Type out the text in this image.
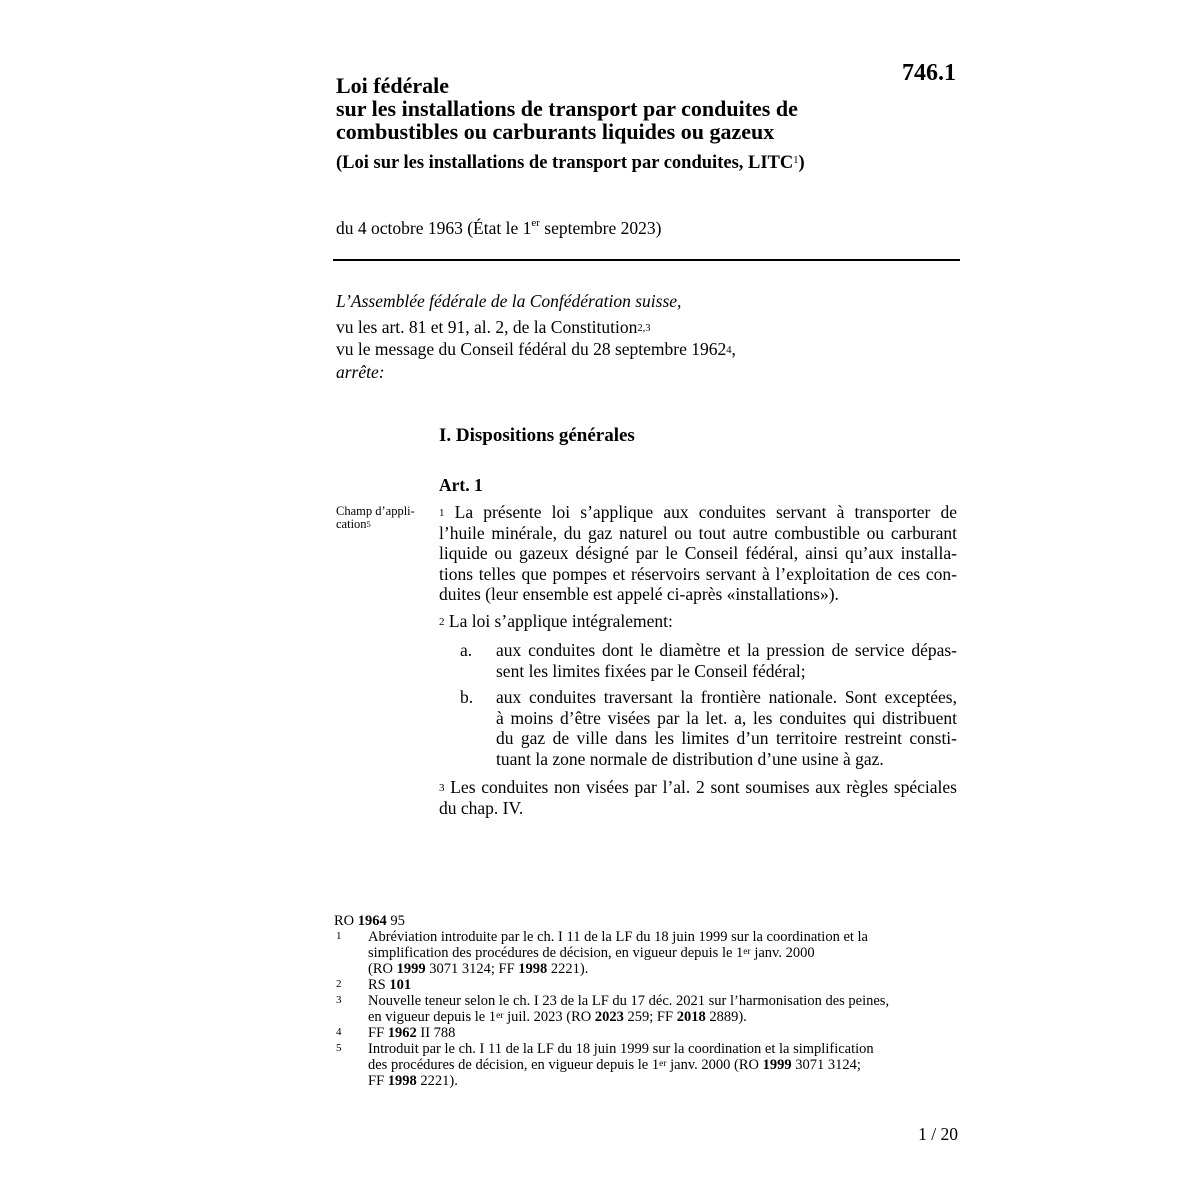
746.1
Loi fédérale
sur les installations de transport par conduites de
combustibles ou carburants liquides ou gazeux
(Loi sur les installations de transport par conduites, LITC$^1$)
du 4 octobre 1963 (État le 1er septembre 2023)
L’Assemblée fédérale de la Confédération suisse,
vu les art. 81 et 91, al. 2, de la Constitution$^{2,3}$
vu le message du Conseil fédéral du 28 septembre 1962$^4$,
arrête:
I. Dispositions générales
Art. 1
Champ d’appli-
cation$^5$
$^1$ La présente loi s’applique aux conduites servant à transporter de
l’huile minérale, du gaz naturel ou tout autre combustible ou carburant
liquide ou gazeux désigné par le Conseil fédéral, ainsi qu’aux installa-
tions telles que pompes et réservoirs servant à l’exploitation de ces con-
duites (leur ensemble est appelé ci-après «installations»).
$^2$ La loi s’applique intégralement:
a. aux conduites dont le diamètre et la pression de service dépas-
sent les limites fixées par le Conseil fédéral;
b. aux conduites traversant la frontière nationale. Sont exceptées,
à moins d’être visées par la let. a, les conduites qui distribuent
du gaz de ville dans les limites d’un territoire restreint consti-
tuant la zone normale de distribution d’une usine à gaz.
$^3$ Les conduites non visées par l’al. 2 sont soumises aux règles spéciales
du chap. IV.
RO 1964 95
1 Abréviation introduite par le ch. I 11 de la LF du 18 juin 1999 sur la coordination et la
simplification des procédures de décision, en vigueur depuis le 1er janv. 2000
(RO 1999 3071 3124; FF 1998 2221).
2 RS 101
3 Nouvelle teneur selon le ch. I 23 de la LF du 17 déc. 2021 sur l’harmonisation des peines,
en vigueur depuis le 1er juil. 2023 (RO 2023 259; FF 2018 2889).
4 FF 1962 II 788
5 Introduit par le ch. I 11 de la LF du 18 juin 1999 sur la coordination et la simplification
des procédures de décision, en vigueur depuis le 1er janv. 2000 (RO 1999 3071 3124;
FF 1998 2221).
1 / 20
